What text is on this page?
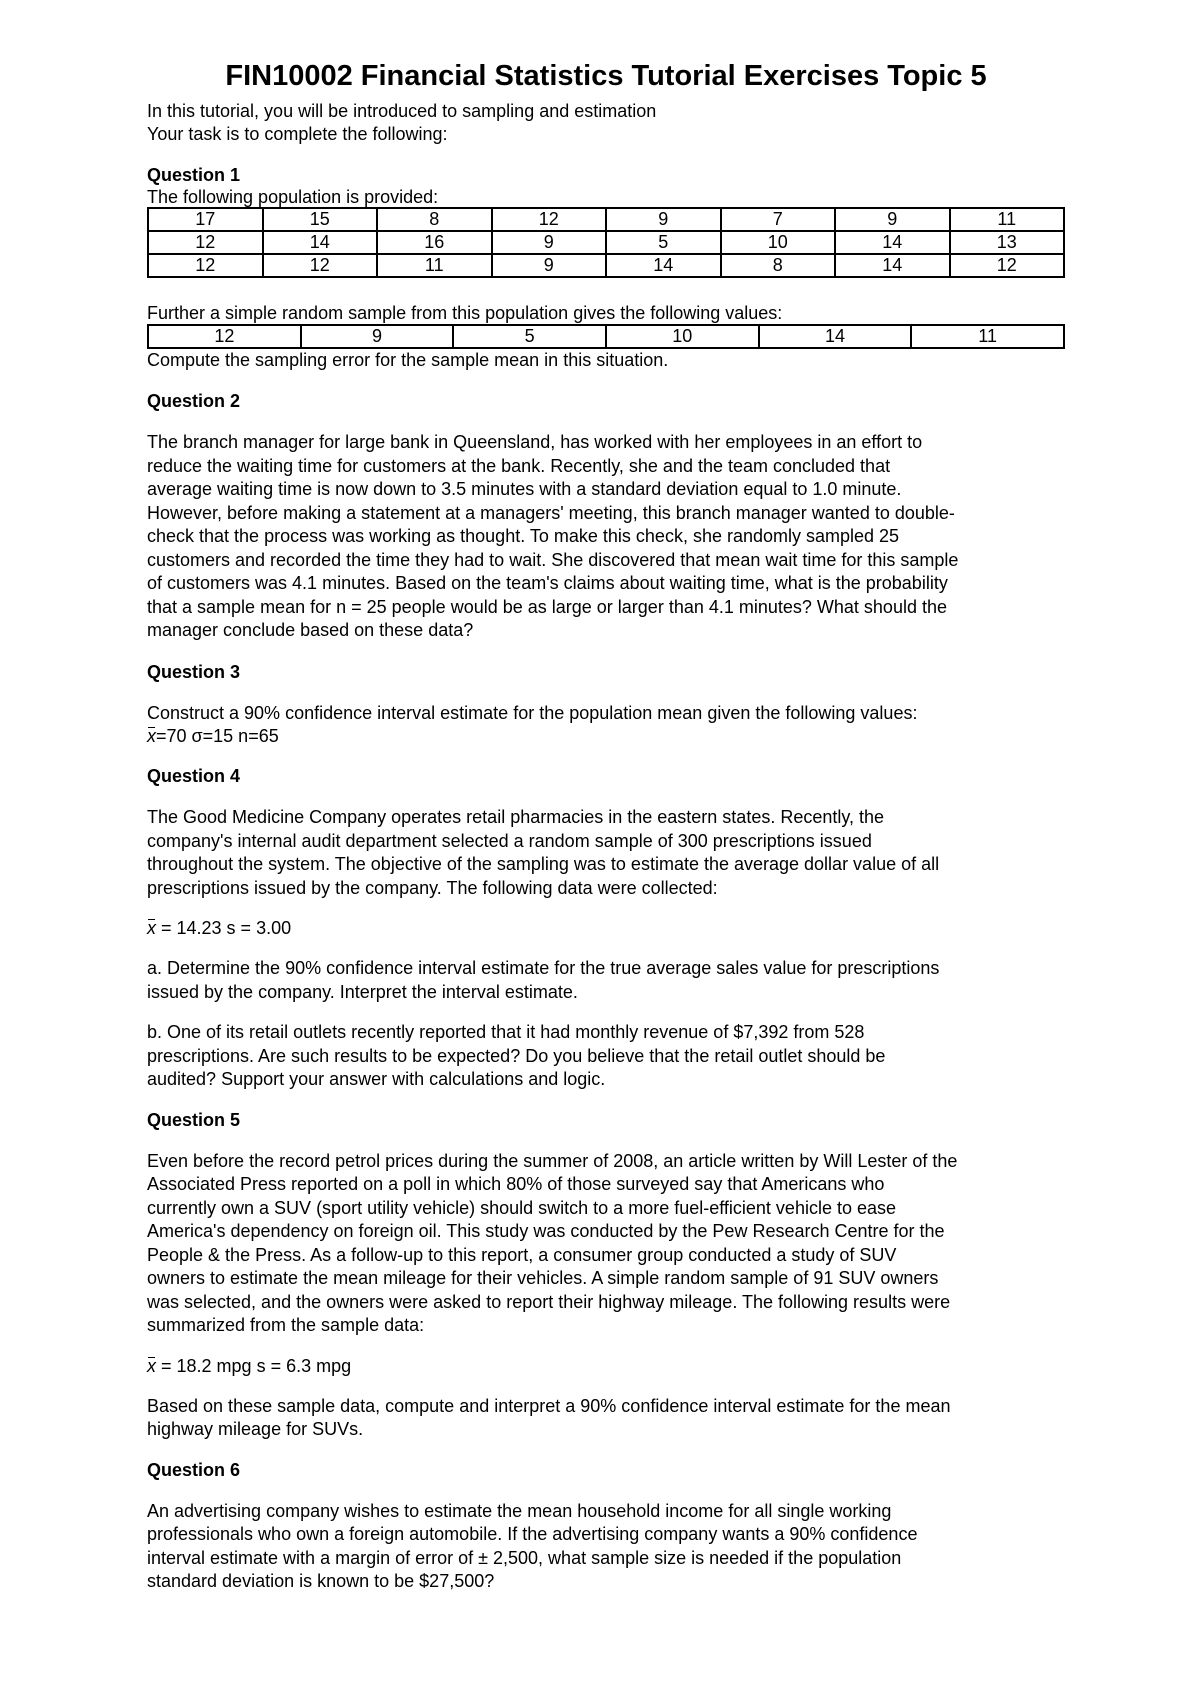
FIN10002 Financial Statistics Tutorial Exercises Topic 5

In this tutorial, you will be introduced to sampling and estimation

Your task is to complete the following:

Question 1

The following population is provided:

17	15	8	12	9	7	9	11
12	14	16	9	5	10	14	13
12	12	11	9	14	8	14	12

Further a simple random sample from this population gives the following values:

12	9	5	10	14	11

Compute the sampling error for the sample mean in this situation.

Question 2

The branch manager for large bank in Queensland, has worked with her employees in an effort to

reduce the waiting time for customers at the bank. Recently, she and the team concluded that

average waiting time is now down to 3.5 minutes with a standard deviation equal to 1.0 minute.

However, before making a statement at a managers' meeting, this branch manager wanted to double-

check that the process was working as thought. To make this check, she randomly sampled 25

customers and recorded the time they had to wait. She discovered that mean wait time for this sample

of customers was 4.1 minutes. Based on the team's claims about waiting time, what is the probability

that a sample mean for n = 25 people would be as large or larger than 4.1 minutes? What should the

manager conclude based on these data?

Question 3

Construct a 90% confidence interval estimate for the population mean given the following values:

x=70 σ=15 n=65

Question 4

The Good Medicine Company operates retail pharmacies in the eastern states. Recently, the

company's internal audit department selected a random sample of 300 prescriptions issued

throughout the system. The objective of the sampling was to estimate the average dollar value of all

prescriptions issued by the company. The following data were collected:

x = 14.23 s = 3.00

a. Determine the 90% confidence interval estimate for the true average sales value for prescriptions

issued by the company. Interpret the interval estimate.

b. One of its retail outlets recently reported that it had monthly revenue of $7,392 from 528

prescriptions. Are such results to be expected? Do you believe that the retail outlet should be

audited? Support your answer with calculations and logic.

Question 5

Even before the record petrol prices during the summer of 2008, an article written by Will Lester of the

Associated Press reported on a poll in which 80% of those surveyed say that Americans who

currently own a SUV (sport utility vehicle) should switch to a more fuel-efficient vehicle to ease

America's dependency on foreign oil. This study was conducted by the Pew Research Centre for the

People & the Press. As a follow-up to this report, a consumer group conducted a study of SUV

owners to estimate the mean mileage for their vehicles. A simple random sample of 91 SUV owners

was selected, and the owners were asked to report their highway mileage. The following results were

summarized from the sample data:

x = 18.2 mpg s = 6.3 mpg

Based on these sample data, compute and interpret a 90% confidence interval estimate for the mean

highway mileage for SUVs.

Question 6

An advertising company wishes to estimate the mean household income for all single working

professionals who own a foreign automobile. If the advertising company wants a 90% confidence

interval estimate with a margin of error of ± 2,500, what sample size is needed if the population

standard deviation is known to be $27,500?
